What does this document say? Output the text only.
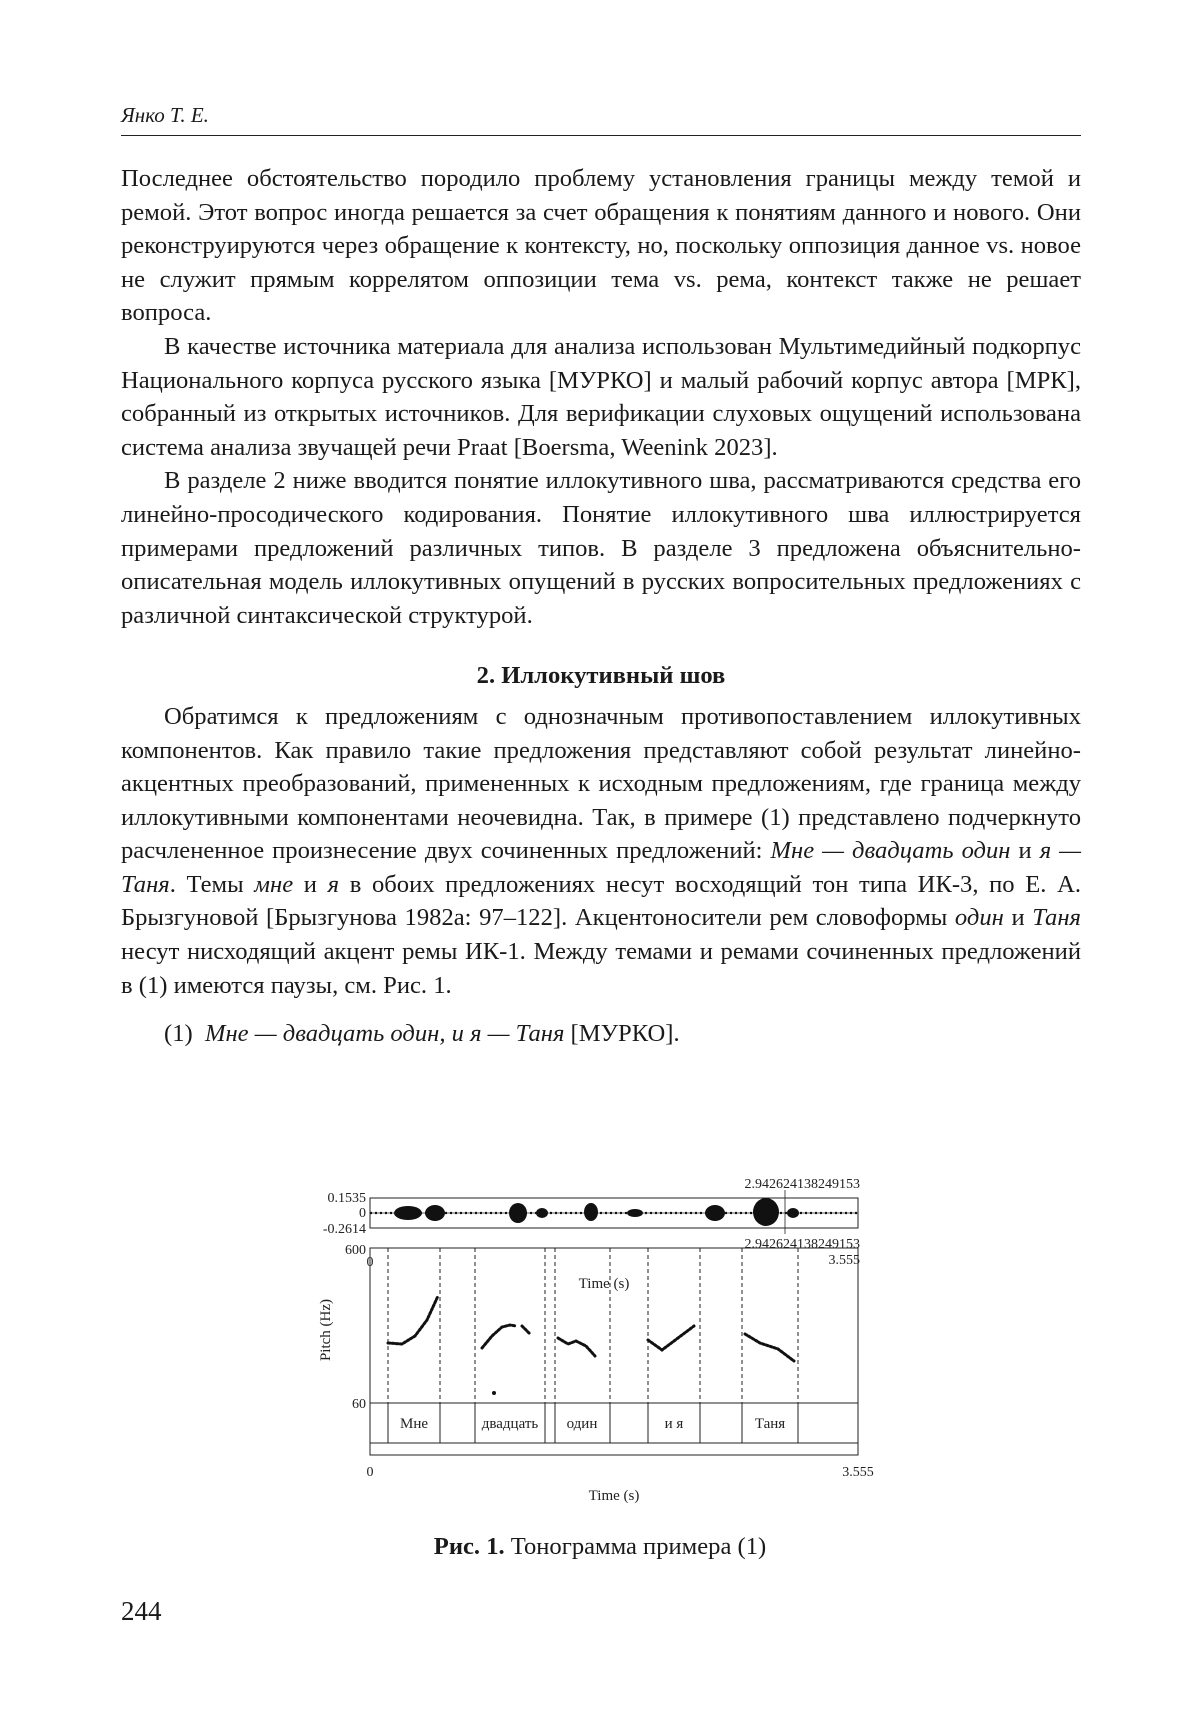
Янко Т. Е.

Последнее обстоятельство породило проблему установления границы между темой и ремой. Этот вопрос иногда решается за счет обращения к понятиям данного и нового. Они реконструируются через обращение к контексту, но, поскольку оппозиция данное vs. новое не служит прямым коррелятом оппозиции тема vs. рема, контекст также не решает вопроса.

В качестве источника материала для анализа использован Мультимедийный подкорпус Национального корпуса русского языка [МУРКО] и малый рабочий корпус автора [МРК], собранный из открытых источников. Для верификации слуховых ощущений использована система анализа звучащей речи Praat [Boersma, Weenink 2023].

В разделе 2 ниже вводится понятие иллокутивного шва, рассматриваются средства его линейно-просодического кодирования. Понятие иллокутивного шва иллюстрируется примерами предложений различных типов. В разделе 3 предложена объяснительно-описательная модель иллокутивных опущений в русских вопросительных предложениях с различной синтаксической структурой.

2. Иллокутивный шов

Обратимся к предложениям с однозначным противопоставлением иллокутивных компонентов. Как правило такие предложения представляют собой результат линейно-акцентных преобразований, примененных к исходным предложениям, где граница между иллокутивными компонентами неочевидна. Так, в примере (1) представлено подчеркнуто расчлененное произнесение двух сочиненных предложений: Мне — двадцать один и я — Таня. Темы мне и я в обоих предложениях несут восходящий тон типа ИК-3, по Е. А. Брызгуновой [Брызгунова 1982а: 97–122]. Акцентоносители рем словоформы один и Таня несут нисходящий акцент ремы ИК-1. Между темами и ремами сочиненных предложений в (1) имеются паузы, см. Рис. 1.

(1) Мне — двадцать один, и я — Таня [МУРКО].

0.1535
0
-0.2614
2.942624138249153
2.942624138249153
600
60
Pitch (Hz)
0	3.555
Time (s)
Мне	двадцать один	и я	Таня
0	3.555
Time (s)
Рис. 1. Тонограмма примера (1)
244
